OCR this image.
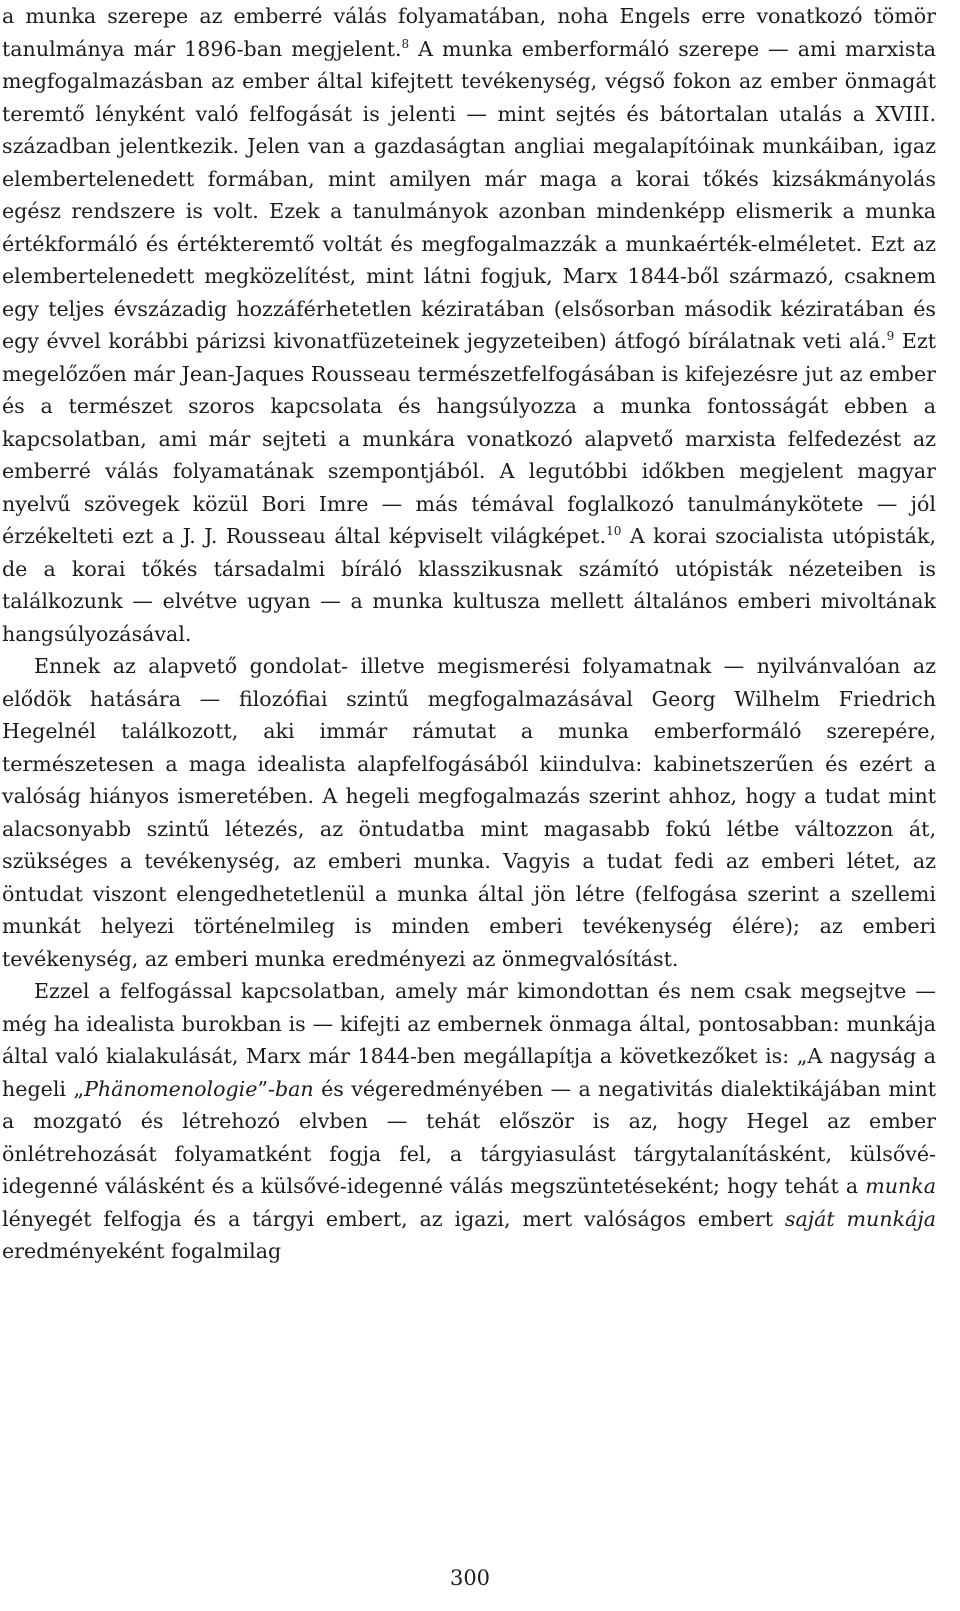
a munka szerepe az emberré válás folyamatában, noha Engels erre vonatkozó tömör tanulmánya már 1896-ban megjelent.$^8$ A munka emberformáló szerepe — ami marxista megfogalmazásban az ember által kifejtett tevékenység, végső fokon az ember önmagát teremtő lényként való felfogását is jelenti — mint sejtés és bátortalan utalás a XVIII. században jelentkezik. Jelen van a gazdaságtan angliai megalapítóinak munkáiban, igaz elembertelenedett formában, mint amilyen már maga a korai tőkés kizsákmányolás egész rendszere is volt. Ezek a tanulmányok azonban mindenképp elismerik a munka értékformáló és értékteremtő voltát és megfogalmazzák a munkaérték-elméletet. Ezt az elembertelenedett megközelítést, mint látni fogjuk, Marx 1844-ből származó, csaknem egy teljes évszázadig hozzáférhetetlen kéziratában (elsősorban második kéziratában és egy évvel korábbi párizsi kivonatfüzeteinek jegyzeteiben) átfogó bírálatnak veti alá.$^9$ Ezt megelőzően már Jean-Jaques Rousseau természetfelfogásában is kifejezésre jut az ember és a természet szoros kapcsolata és hangsúlyozza a munka fontosságát ebben a kapcsolatban, ami már sejteti a munkára vonatkozó alapvető marxista felfedezést az emberré válás folyamatának szempontjából. A legutóbbi időkben megjelent magyar nyelvű szövegek közül Bori Imre — más témával foglalkozó tanulmánykötete — jól érzékelteti ezt a J. J. Rousseau által képviselt világképet.$^{10}$ A korai szocialista utópisták, de a korai tőkés társadalmi bíráló klasszikusnak számító utópisták nézeteiben is találkozunk — elvétve ugyan — a munka kultusza mellett általános emberi mivoltának hangsúlyozásával.

Ennek az alapvető gondolat- illetve megismerési folyamatnak — nyilvánvalóan az elődök hatására — filozófiai szintű megfogalmazásával Georg Wilhelm Friedrich Hegelnél találkozott, aki immár rámutat a munka emberformáló szerepére, természetesen a maga idealista alapfelfogásából kiindulva: kabinetszerűen és ezért a valóság hiányos ismeretében. A hegeli megfogalmazás szerint ahhoz, hogy a tudat mint alacsonyabb szintű létezés, az öntudatba mint magasabb fokú létbe változzon át, szükséges a tevékenység, az emberi munka. Vagyis a tudat fedi az emberi létet, az öntudat viszont elengedhetetlenül a munka által jön létre (felfogása szerint a szellemi munkát helyezi történelmileg is minden emberi tevékenység élére); az emberi tevékenység, az emberi munka eredményezi az önmegvalósítást.

Ezzel a felfogással kapcsolatban, amely már kimondottan és nem csak megsejtve — még ha idealista burokban is — kifejti az embernek önmaga által, pontosabban: munkája által való kialakulását, Marx már 1844-ben megállapítja a következőket is: „A nagyság a hegeli „Phänomenologie”-ban és végeredményében — a negativitás dialektikájában mint a mozgató és létrehozó elvben — tehát először is az, hogy Hegel az ember önlétrehozását folyamatként fogja fel, a tárgyiasulást tárgytalanításként, külsővé-idegenné válásként és a külsővé-idegenné válás megszüntetéseként; hogy tehát a munka lényegét felfogja és a tárgyi embert, az igazi, mert valóságos embert saját munkája eredményeként fogalmilag

300
